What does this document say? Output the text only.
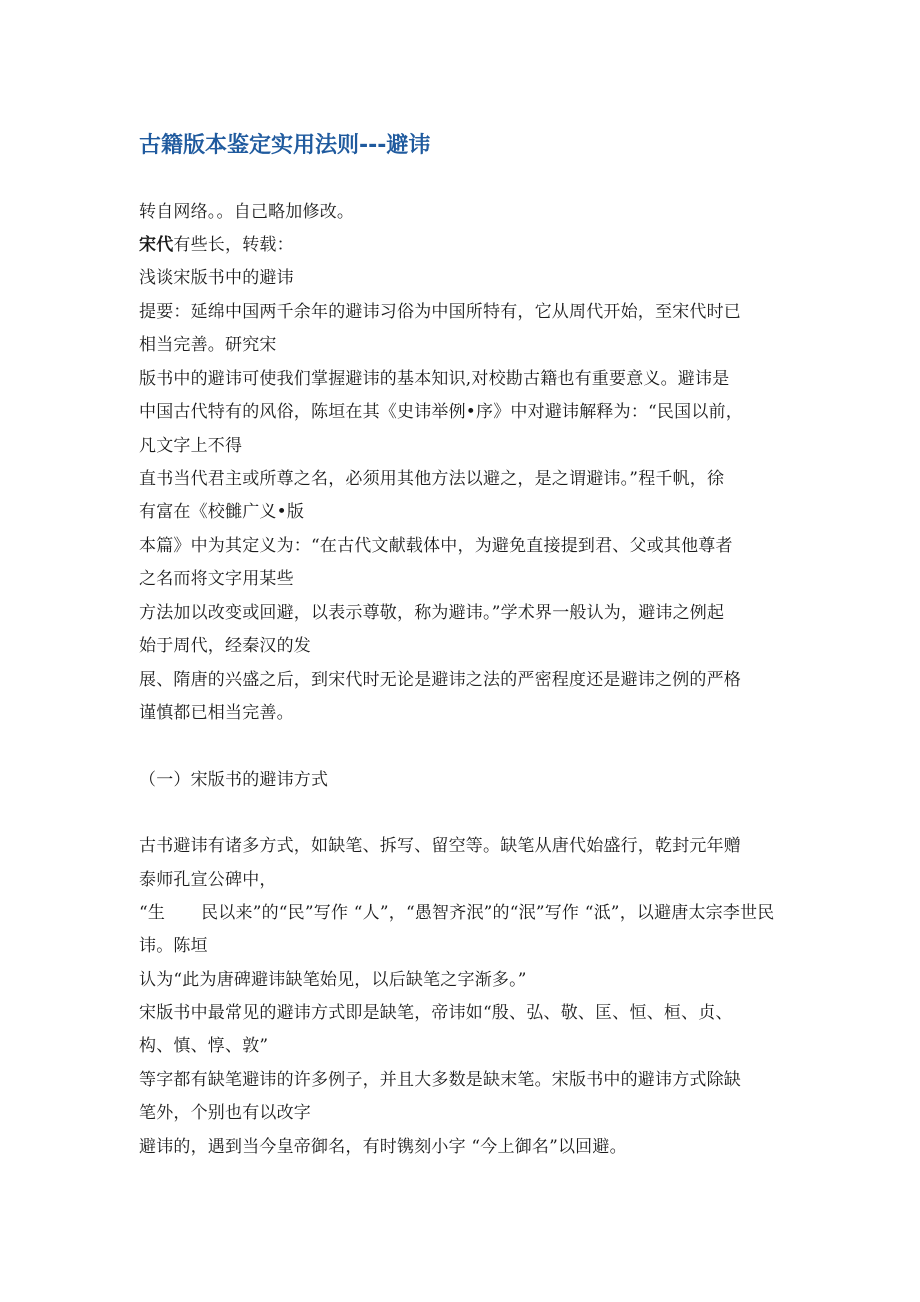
古籍版本鉴定实用法则---避讳
转自网络。。自己略加修改。
宋代有些长，转载：
浅谈宋版书中的避讳
提要：延绵中国两千余年的避讳习俗为中国所特有，它从周代开始，至宋代时已
相当完善。研究宋
版书中的避讳可使我们掌握避讳的基本知识,对校勘古籍也有重要意义。避讳是
中国古代特有的风俗，陈垣在其《史讳举例•序》中对避讳解释为：“民国以前，
凡文字上不得
直书当代君主或所尊之名，必须用其他方法以避之，是之谓避讳。”程千帆，徐
有富在《校雠广义•版
本篇》中为其定义为：“在古代文献载体中，为避免直接提到君、父或其他尊者
之名而将文字用某些
方法加以改变或回避，以表示尊敬，称为避讳。”学术界一般认为，避讳之例起
始于周代，经秦汉的发
展、隋唐的兴盛之后，到宋代时无论是避讳之法的严密程度还是避讳之例的严格
谨慎都已相当完善。
（一）宋版书的避讳方式
古书避讳有诸多方式，如缺笔、拆写、留空等。缺笔从唐代始盛行，乾封元年赠
泰师孔宣公碑中，
“生 民以来”的“民”写作 “人”，“愚智齐泯”的“泯”写作 “泜”，以避唐太宗李世民
讳。陈垣
认为“此为唐碑避讳缺笔始见，以后缺笔之字渐多。”
宋版书中最常见的避讳方式即是缺笔，帝讳如“殷、弘、敬、匡、恒、桓、贞、
构、慎、惇、敦”
等字都有缺笔避讳的许多例子，并且大多数是缺末笔。宋版书中的避讳方式除缺
笔外，个别也有以改字
避讳的，遇到当今皇帝御名，有时镌刻小字 “今上御名”以回避。
